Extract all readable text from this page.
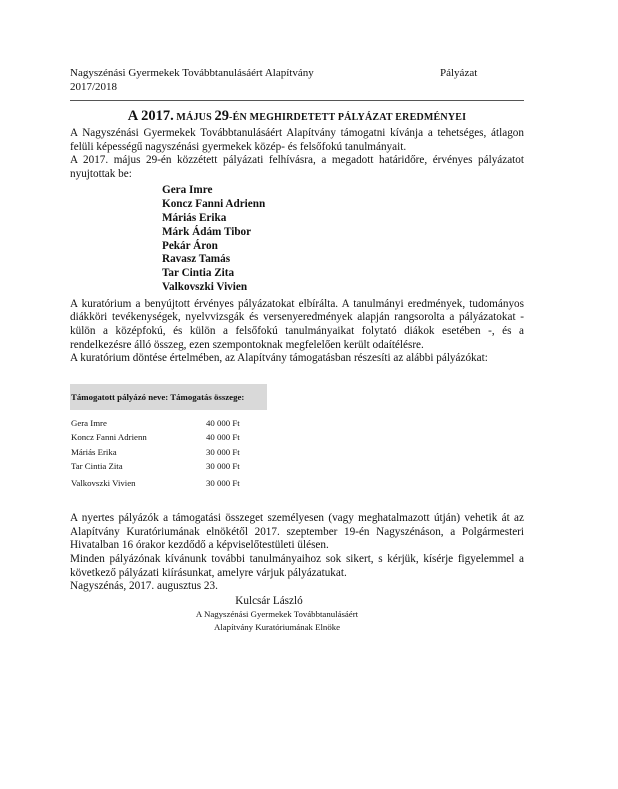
Nagyszénási Gyermekek Továbbtanulásáért Alapítvány
2017/2018
Pályázat
A 2017. MÁJUS 29-ÉN MEGHIRDETETT PÁLYÁZAT EREDMÉNYEI
A Nagyszénási Gyermekek Továbbtanulásáért Alapítvány támogatni kívánja a tehetséges, átlagon felüli képességű nagyszénási gyermekek közép- és felsőfokú tanulmányait.
A 2017. május 29-én közzétett pályázati felhívásra, a megadott határidőre, érvényes pályázatot nyujtottak be:
Gera Imre
Koncz Fanni Adrienn
Máriás Erika
Márk Ádám Tibor
Pekár Áron
Ravasz Tamás
Tar Cintia Zita
Valkovszki Vivien
A kuratórium a benyújtott érvényes pályázatokat elbírálta. A tanulmányi eredmények, tudományos diákköri tevékenységek, nyelvvizsgák és versenyeredmények alapján rangsorolta a pályázatokat - külön a középfokú, és külön a felsőfokú tanulmányaikat folytató diákok esetében -, és a rendelkezésre álló összeg, ezen szempontoknak megfelelően került odaítélésre.
A kuratórium döntése értelmében, az Alapítvány támogatásban részesíti az alábbi pályázókat:
Támogatott pályázó neve: Támogatás összege:
Gera Imre	40 000 Ft
Koncz Fanni Adrienn	40 000 Ft
Máriás Erika	30 000 Ft
Tar Cintia Zita	30 000 Ft
Valkovszki Vivien	30 000 Ft
A nyertes pályázók a támogatási összeget személyesen (vagy meghatalmazott útján) vehetik át az Alapítvány Kuratóriumának elnökétől 2017. szeptember 19-én Nagyszénáson, a Polgármesteri Hivatalban 16 órakor kezdődő a képviselőtestületi ülésen.
Minden pályázónak kívánunk további tanulmányaihoz sok sikert, s kérjük, kísérje figyelemmel a következő pályázati kiírásunkat, amelyre várjuk pályázatukat.
Nagyszénás, 2017. augusztus 23.
Kulcsár László
A Nagyszénási Gyermekek Továbbtanulásáért
Alapítvány Kuratóriumának Elnöke
